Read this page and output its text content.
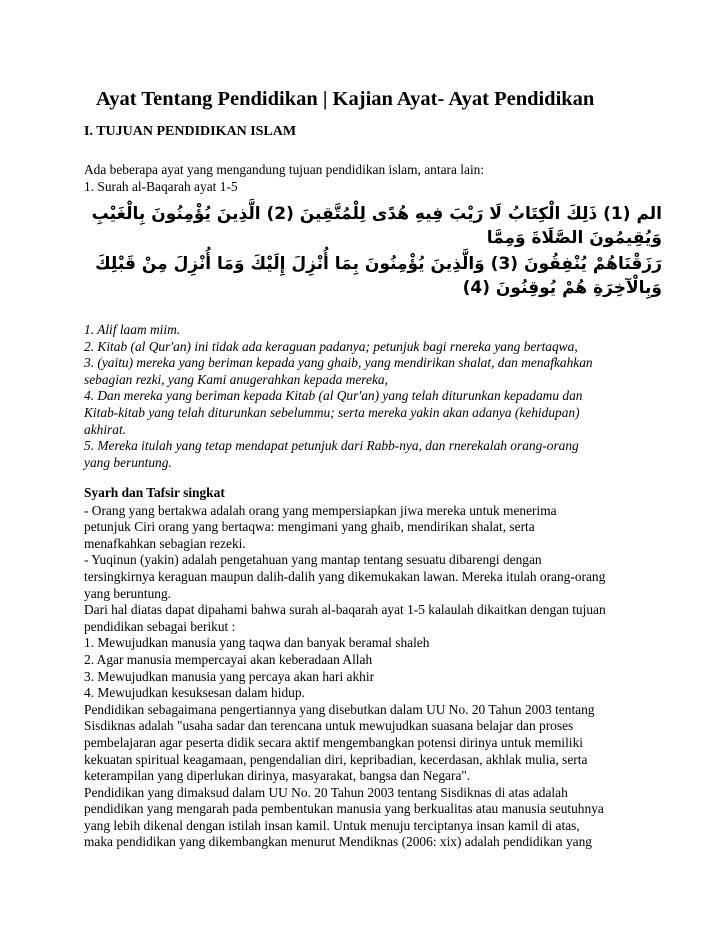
Ayat Tentang Pendidikan | Kajian Ayat- Ayat Pendidikan
I. TUJUAN PENDIDIKAN ISLAM
Ada beberapa ayat yang mengandung tujuan pendidikan islam, antara lain:
1. Surah al-Baqarah ayat 1-5
الم (1) ذَلِكَ الْكِتَابُ لَا رَيْبَ فِيهِ هُدًى لِلْمُتَّقِينَ (2) الَّذِينَ يُؤْمِنُونَ بِالْغَيْبِ وَيُقِيمُونَ الصَّلَاةَ وَمِمَّا
رَزَقْنَاهُمْ يُنْفِقُونَ (3) وَالَّذِينَ يُؤْمِنُونَ بِمَا أُنْزِلَ إِلَيْكَ وَمَا أُنْزِلَ مِنْ قَبْلِكَ وَبِالْآخِرَةِ هُمْ يُوقِنُونَ (4)
1. Alif laam miim.
2. Kitab (al Qur'an) ini tidak ada keraguan padanya; petunjuk bagi rnereka yang bertaqwa,
3. (yaitu) mereka yang beriman kepada yang ghaib, yang mendirikan shalat, dan menafkahkan
sebagian rezki, yang Kami anugerahkan kepada mereka,
4. Dan mereka yang beriman kepada Kitab (al Qur'an) yang telah diturunkan kepadamu dan
Kitab-kitab yang telah diturunkan sebelummu; serta mereka yakin akan adanya (kehidupan)
akhirat.
5. Mereka itulah yang tetap mendapat petunjuk dari Rabb-nya, dan rnerekalah orang-orang
yang beruntung.
Syarh dan Tafsir singkat
- Orang yang bertakwa adalah orang yang mempersiapkan jiwa mereka untuk menerima
petunjuk Ciri orang yang bertaqwa: mengimani yang ghaib, mendirikan shalat, serta
menafkahkan sebagian rezeki.
- Yuqinun (yakin) adalah pengetahuan yang mantap tentang sesuatu dibarengi dengan
tersingkirnya keraguan maupun dalih-dalih yang dikemukakan lawan. Mereka itulah orang-orang
yang beruntung.
Dari hal diatas dapat dipahami bahwa surah al-baqarah ayat 1-5 kalaulah dikaitkan dengan tujuan
pendidikan sebagai berikut :
1. Mewujudkan manusia yang taqwa dan banyak beramal shaleh
2. Agar manusia mempercayai akan keberadaan Allah
3. Mewujudkan manusia yang percaya akan hari akhir
4. Mewujudkan kesuksesan dalam hidup.
Pendidikan sebagaimana pengertiannya yang disebutkan dalam UU No. 20 Tahun 2003 tentang
Sisdiknas adalah "usaha sadar dan terencana untuk mewujudkan suasana belajar dan proses
pembelajaran agar peserta didik secara aktif mengembangkan potensi dirinya untuk memiliki
kekuatan spiritual keagamaan, pengendalian diri, kepribadian, kecerdasan, akhlak mulia, serta
keterampilan yang diperlukan dirinya, masyarakat, bangsa dan Negara".
Pendidikan yang dimaksud dalam UU No. 20 Tahun 2003 tentang Sisdiknas di atas adalah
pendidikan yang mengarah pada pembentukan manusia yang berkualitas atau manusia seutuhnya
yang lebih dikenal dengan istilah insan kamil. Untuk menuju terciptanya insan kamil di atas,
maka pendidikan yang dikembangkan menurut Mendiknas (2006: xix) adalah pendidikan yang
